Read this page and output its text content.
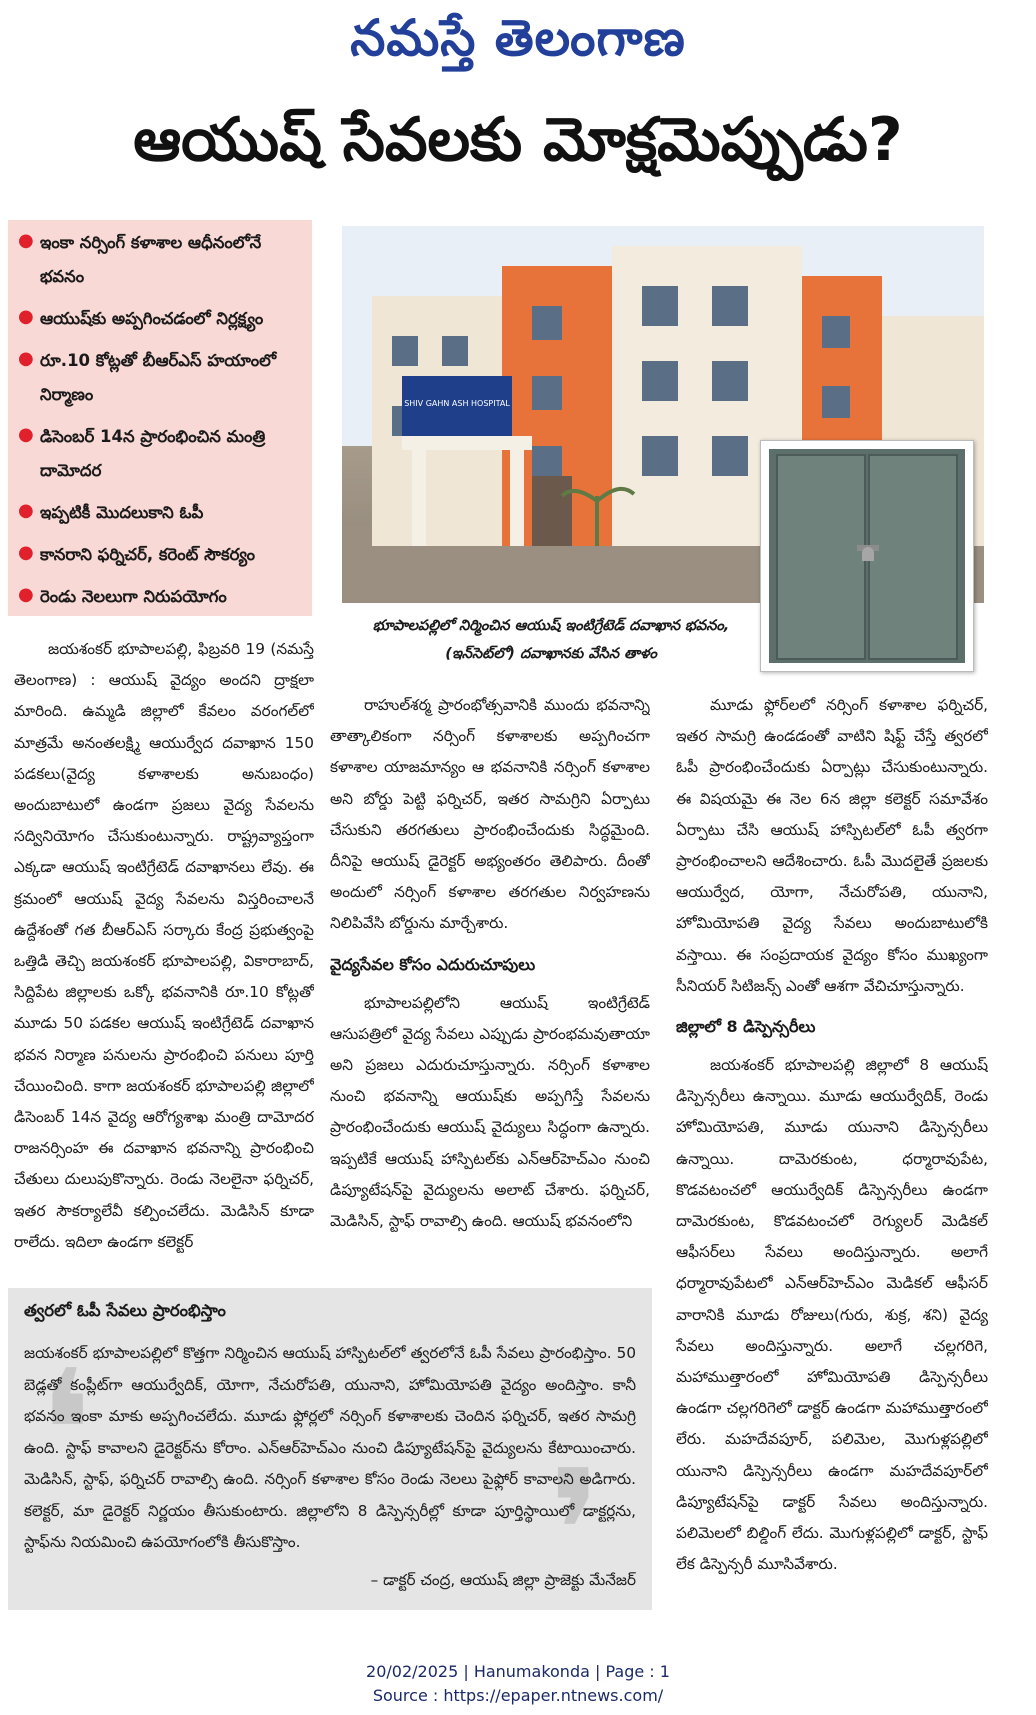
నమస్తే తెలంగాణ
ఆయుష్ సేవలకు మోక్షమెప్పుడు?
● ఇంకా నర్సింగ్ కళాశాల ఆధీనంలోనే భవనం
● ఆయుష్‌కు అప్పగించడంలో నిర్లక్ష్యం
● రూ.10 కోట్లతో బీఆర్ఎస్ హయాంలో నిర్మాణం
● డిసెంబర్ 14న ప్రారంభించిన మంత్రి దామోదర
● ఇప్పటికీ మొదలుకాని ఓపీ
● కానరాని ఫర్నిచర్, కరెంట్ సౌకర్యం
● రెండు నెలలుగా నిరుపయోగం
SHIV GAHN ASH HOSPITAL
భూపాలపల్లిలో నిర్మించిన ఆయుష్ ఇంటిగ్రేటెడ్ దవాఖాన భవనం,(ఇన్‌సెట్‌లో) దవాఖానకు వేసిన తాళం

జయశంకర్ భూపాలపల్లి, ఫిబ్రవరి 19 (నమస్తే తెలంగాణ) : ఆయుష్ వైద్యం అందని ద్రాక్షలా మారింది. ఉమ్మడి జిల్లాలో కేవలం వరంగల్‌లో మాత్రమే అనంతలక్ష్మి ఆయుర్వేద దవాఖాన 150 పడకలు(వైద్య కళాశాలకు అనుబంధం) అందుబాటులో ఉండగా ప్రజలు వైద్య సేవలను సద్వినియోగం చేసుకుంటున్నారు. రాష్ట్రవ్యాప్తంగా ఎక్కడా ఆయుష్ ఇంటిగ్రేటెడ్ దవాఖానలు లేవు. ఈ క్రమంలో ఆయుష్ వైద్య సేవలను విస్తరించాలనే ఉద్దేశంతో గత బీఆర్ఎస్ సర్కారు కేంద్ర ప్రభుత్వంపై ఒత్తిడి తెచ్చి జయశంకర్ భూపాలపల్లి, వికారాబాద్, సిద్దిపేట జిల్లాలకు ఒక్కో భవనానికి రూ.10 కోట్లతో మూడు 50 పడకల ఆయుష్ ఇంటిగ్రేటెడ్ దవాఖాన భవన నిర్మాణ పనులను ప్రారంభించి పనులు పూర్తి చేయించింది. కాగా జయశంకర్ భూపాలపల్లి జిల్లాలో డిసెంబర్ 14న వైద్య ఆరోగ్యశాఖ మంత్రి దామోదర రాజనర్సింహ ఈ దవాఖాన భవనాన్ని ప్రారంభించి చేతులు దులుపుకొన్నారు. రెండు నెలలైనా ఫర్నిచర్, ఇతర సౌకర్యాలేవీ కల్పించలేదు. మెడిసిన్ కూడా రాలేదు. ఇదిలా ఉండగా కలెక్టర్

రాహుల్‌శర్మ ప్రారంభోత్సవానికి ముందు భవనాన్ని తాత్కాలికంగా నర్సింగ్ కళాశాలకు అప్పగించగా కళాశాల యాజమాన్యం ఆ భవనానికి నర్సింగ్ కళాశాల అని బోర్డు పెట్టి ఫర్నిచర్, ఇతర సామగ్రిని ఏర్పాటు చేసుకుని తరగతులు ప్రారంభించేందుకు సిద్ధమైంది. దీనిపై ఆయుష్ డైరెక్టర్ అభ్యంతరం తెలిపారు. దీంతో అందులో నర్సింగ్ కళాశాల తరగతుల నిర్వహణను నిలిపివేసి బోర్డును మార్చేశారు.

వైద్యసేవల కోసం ఎదురుచూపులు

భూపాలపల్లిలోని ఆయుష్ ఇంటిగ్రేటెడ్ ఆసుపత్రిలో వైద్య సేవలు ఎప్పుడు ప్రారంభమవుతాయా అని ప్రజలు ఎదురుచూస్తున్నారు. నర్సింగ్ కళాశాల నుంచి భవనాన్ని ఆయుష్‌కు అప్పగిస్తే సేవలను ప్రారంభించేందుకు ఆయుష్ వైద్యులు సిద్ధంగా ఉన్నారు. ఇప్పటికే ఆయుష్ హాస్పిటల్‌కు ఎన్ఆర్‌హెచ్ఎం నుంచి డిప్యూటేషన్‌పై వైద్యులను అలాట్ చేశారు. ఫర్నిచర్, మెడిసిన్, స్టాఫ్ రావాల్సి ఉంది. ఆయుష్ భవనంలోని

మూడు ఫ్లోర్‌లలో నర్సింగ్ కళాశాల ఫర్నిచర్, ఇతర సామగ్రి ఉండడంతో వాటిని షిఫ్ట్ చేస్తే త్వరలో ఓపీ ప్రారంభించేందుకు ఏర్పాట్లు చేసుకుంటున్నారు. ఈ విషయమై ఈ నెల 6న జిల్లా కలెక్టర్ సమావేశం ఏర్పాటు చేసి ఆయుష్ హాస్పిటల్‌లో ఓపీ త్వరగా ప్రారంభించాలని ఆదేశించారు. ఓపీ మొదలైతే ప్రజలకు ఆయుర్వేద, యోగా, నేచురోపతి, యునాని, హోమియోపతి వైద్య సేవలు అందుబాటులోకి వస్తాయి. ఈ సంప్రదాయక వైద్యం కోసం ముఖ్యంగా సీనియర్ సిటిజన్స్ ఎంతో ఆశగా వేచిచూస్తున్నారు.

జిల్లాలో 8 డిస్పెన్సరీలు

జయశంకర్ భూపాలపల్లి జిల్లాలో 8 ఆయుష్ డిస్పెన్సరీలు ఉన్నాయి. మూడు ఆయుర్వేదిక్, రెండు హోమియోపతి, మూడు యునాని డిస్పెన్సరీలు ఉన్నాయి. దామెరకుంట, ధర్మారావుపేట, కొడవటంచలో ఆయుర్వేదిక్ డిస్పెన్సరీలు ఉండగా దామెరకుంట, కొడవటంచలో రెగ్యులర్ మెడికల్ ఆఫీసర్‌లు సేవలు అందిస్తున్నారు. అలాగే ధర్మారావుపేటలో ఎన్ఆర్‌హెచ్ఎం మెడికల్ ఆఫీసర్ వారానికి మూడు రోజులు(గురు, శుక్ర, శని) వైద్య సేవలు అందిస్తున్నారు. అలాగే చల్లగరిగె, మహాముత్తారంలో హోమియోపతి డిస్పెన్సరీలు ఉండగా చల్లగరిగెలో డాక్టర్ ఉండగా మహాముత్తారంలో లేరు. మహదేవపూర్, పలిమెల, మొగుళ్లపల్లిలో యునాని డిస్పెన్సరీలు ఉండగా మహదేవపూర్‌లో డిప్యూటేషన్‌పై డాక్టర్ సేవలు అందిస్తున్నారు. పలిమెలలో బిల్డింగ్ లేదు. మొగుళ్లపల్లిలో డాక్టర్, స్టాఫ్ లేక డిస్పెన్సరీ మూసివేశారు.

❛
❜
త్వరలో ఓపీ సేవలు ప్రారంభిస్తాం
జయశంకర్ భూపాలపల్లిలో కొత్తగా నిర్మించిన ఆయుష్ హాస్పిటల్‌లో త్వరలోనే ఓపీ సేవలు ప్రారంభిస్తాం. 50 బెడ్లతో కంప్లీట్‌గా ఆయుర్వేదిక్, యోగా, నేచురోపతి, యునాని, హోమియోపతి వైద్యం అందిస్తాం. కానీ భవనం ఇంకా మాకు అప్పగించలేదు. మూడు ఫ్లోర్లలో నర్సింగ్ కళాశాలకు చెందిన ఫర్నిచర్, ఇతర సామగ్రి ఉంది. స్టాఫ్ కావాలని డైరెక్టర్‌ను కోరాం. ఎన్ఆర్‌హెచ్ఎం నుంచి డిప్యూటేషన్‌పై వైద్యులను కేటాయించారు. మెడిసిన్, స్టాఫ్, ఫర్నిచర్ రావాల్సి ఉంది. నర్సింగ్ కళాశాల కోసం రెండు నెలలు పైఫ్లోర్ కావాలని అడిగారు. కలెక్టర్, మా డైరెక్టర్ నిర్ణయం తీసుకుంటారు. జిల్లాలోని 8 డిస్పెన్సరీల్లో కూడా పూర్తిస్థాయిలో డాక్టర్లను, స్టాఫ్‌ను నియమించి ఉపయోగంలోకి తీసుకొస్తాం.
– డాక్టర్ చంద్ర, ఆయుష్ జిల్లా ప్రాజెక్టు మేనేజర్
20/02/2025 | Hanumakonda | Page : 1
Source : https://epaper.ntnews.com/
